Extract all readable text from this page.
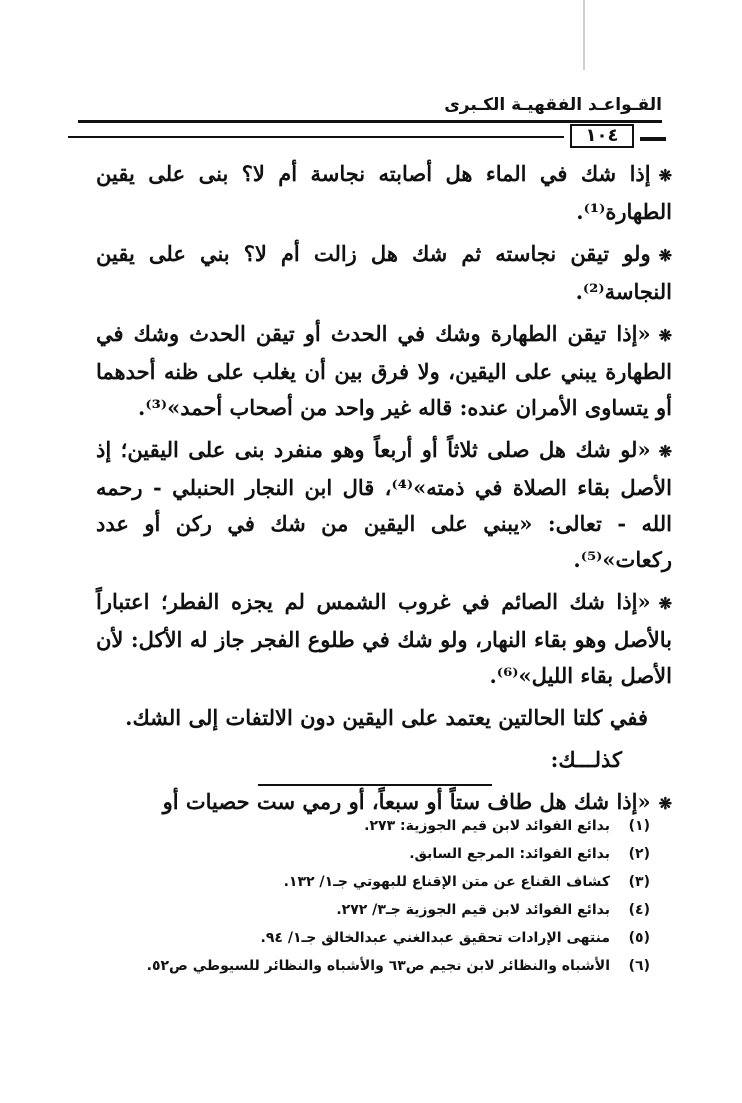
القـواعـد الفقهيـة الكـبرى
١٠٤

❋إذا شك في الماء هل أصابته نجاسة أم لا؟ بنى على يقين الطهارة⁽¹⁾.

❋ولو تيقن نجاسته ثم شك هل زالت أم لا؟ بني على يقين النجاسة⁽²⁾.

❋«إذا تيقن الطهارة وشك في الحدث أو تيقن الحدث وشك في الطهارة يبني على اليقين، ولا فرق بين أن يغلب على ظنه أحدهما أو يتساوى الأمران عنده: قاله غير واحد من أصحاب أحمد»⁽³⁾.

❋«لو شك هل صلى ثلاثاً أو أربعاً وهو منفرد بنى على اليقين؛ إذ الأصل بقاء الصلاة في ذمته»⁽⁴⁾، قال ابن النجار الحنبلي - رحمه الله - تعالى: «يبني على اليقين من شك في ركن أو عدد ركعات»⁽⁵⁾.

❋«إذا شك الصائم في غروب الشمس لم يجزه الفطر؛ اعتباراً بالأصل وهو بقاء النهار، ولو شك في طلوع الفجر جاز له الأكل: لأن الأصل بقاء الليل»⁽⁶⁾.

ففي كلتا الحالتين يعتمد على اليقين دون الالتفات إلى الشك.

كذلـــك:

❋«إذا شك هل طاف ستاً أو سبعاً، أو رمي ست حصيات أو

(١)
بدائع الفوائد لابن قيم الجوزية: ٢٧٣.
(٢)
بدائع الفوائد: المرجع السابق.
(٣)
كشاف القناع عن متن الإقناع للبهوتي جـ١/ ١٣٢.
(٤)
بدائع الفوائد لابن قيم الجوزية جـ٣/ ٢٧٢.
(٥)
منتهى الإرادات تحقيق عبدالغني عبدالخالق جـ١/ ٩٤.
(٦)
الأشباه والنظائر لابن نجيم ص٦٣ والأشباه والنظائر للسيوطي ص٥٢.
